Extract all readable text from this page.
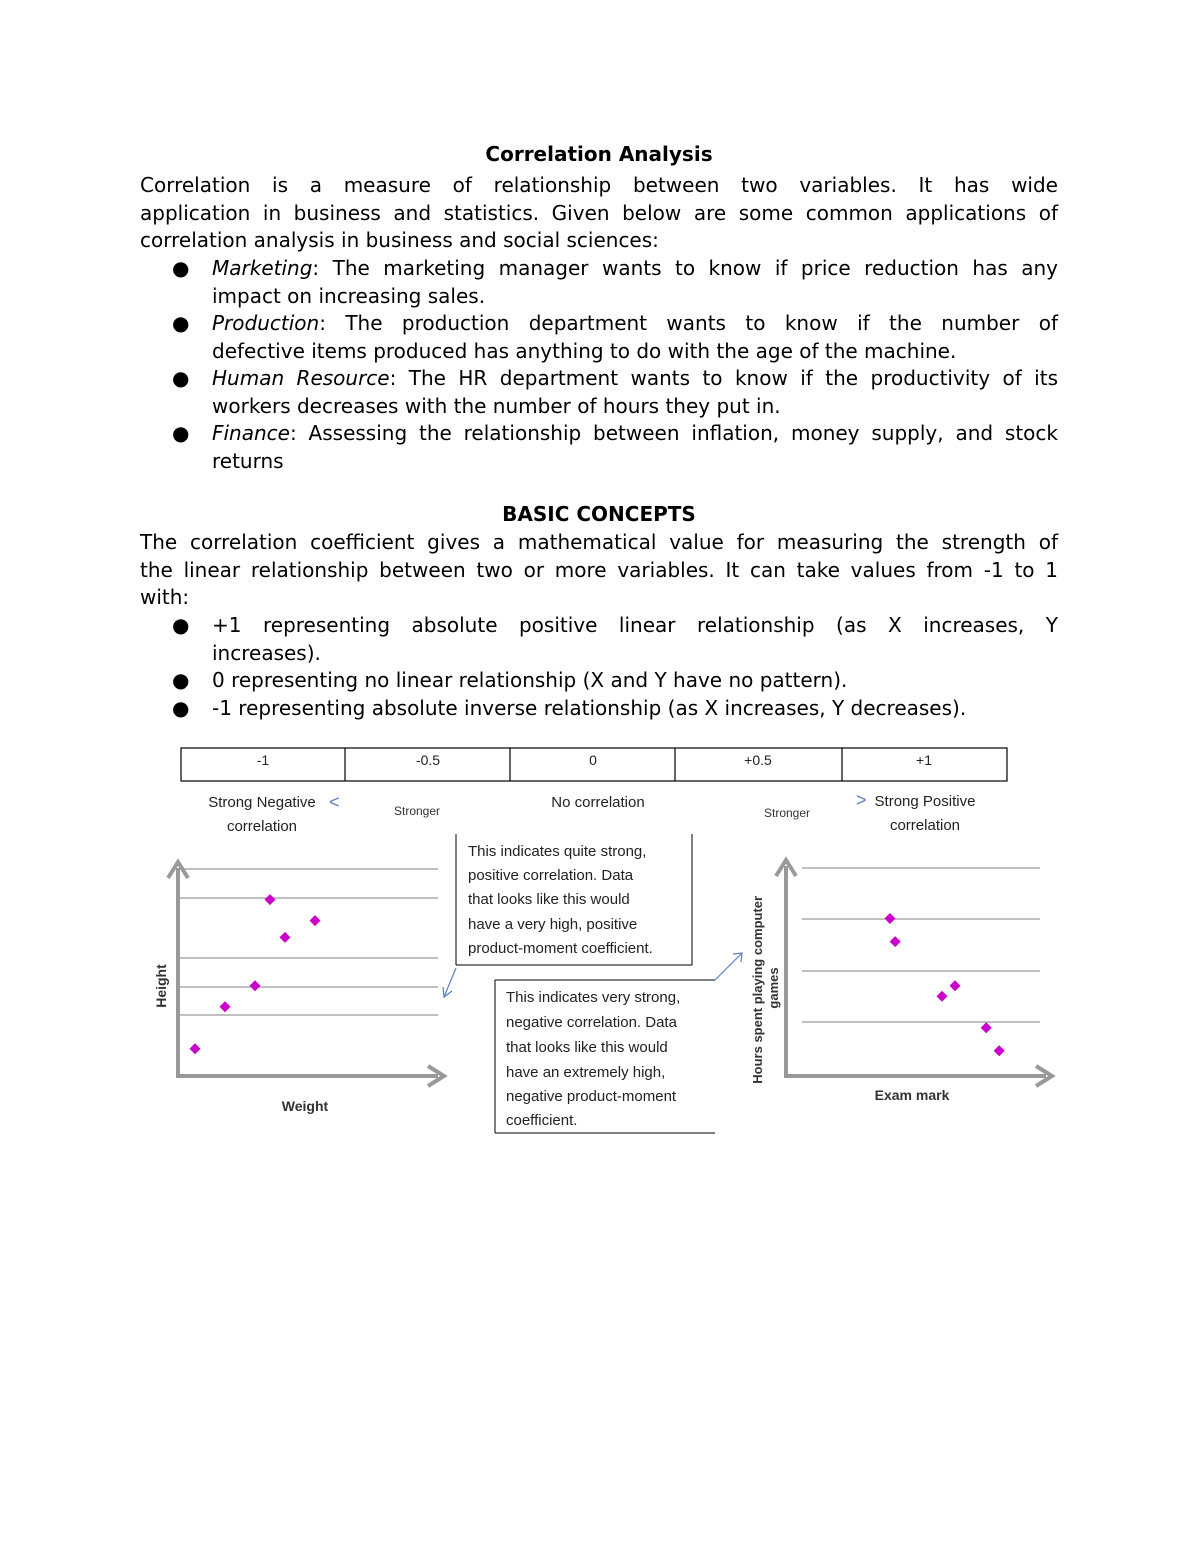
Correlation Analysis
Correlation is a measure of relationship between two variables. It has wide
application in business and statistics. Given below are some common applications of
correlation analysis in business and social sciences:
● Marketing: The marketing manager wants to know if price reduction has any
impact on increasing sales.
● Production: The production department wants to know if the number of
defective items produced has anything to do with the age of the machine.
● Human Resource: The HR department wants to know if the productivity of its
workers decreases with the number of hours they put in.
● Finance: Assessing the relationship between inflation, money supply, and stock
returns
BASIC CONCEPTS
The correlation coefficient gives a mathematical value for measuring the strength of
the linear relationship between two or more variables. It can take values from -1 to 1
with:
● +1 representing absolute positive linear relationship (as X increases, Y
increases).
● 0 representing no linear relationship (X and Y have no pattern).
● -1 representing absolute inverse relationship (as X increases, Y decreases).
-1	-0.5	0	+0.5	+1
Strong Negative
correlation
<	Stronger	No correlation
Stronger
> Strong Positive
correlation
Weight
Height
Exam mark
Hours spent playing computer games
This indicates quite strong,
positive correlation. Data
that looks like this would
have a very high, positive
product-moment coefficient.
This indicates very strong,
negative correlation. Data
that looks like this would
have an extremely high,
negative product-moment
coefficient.
